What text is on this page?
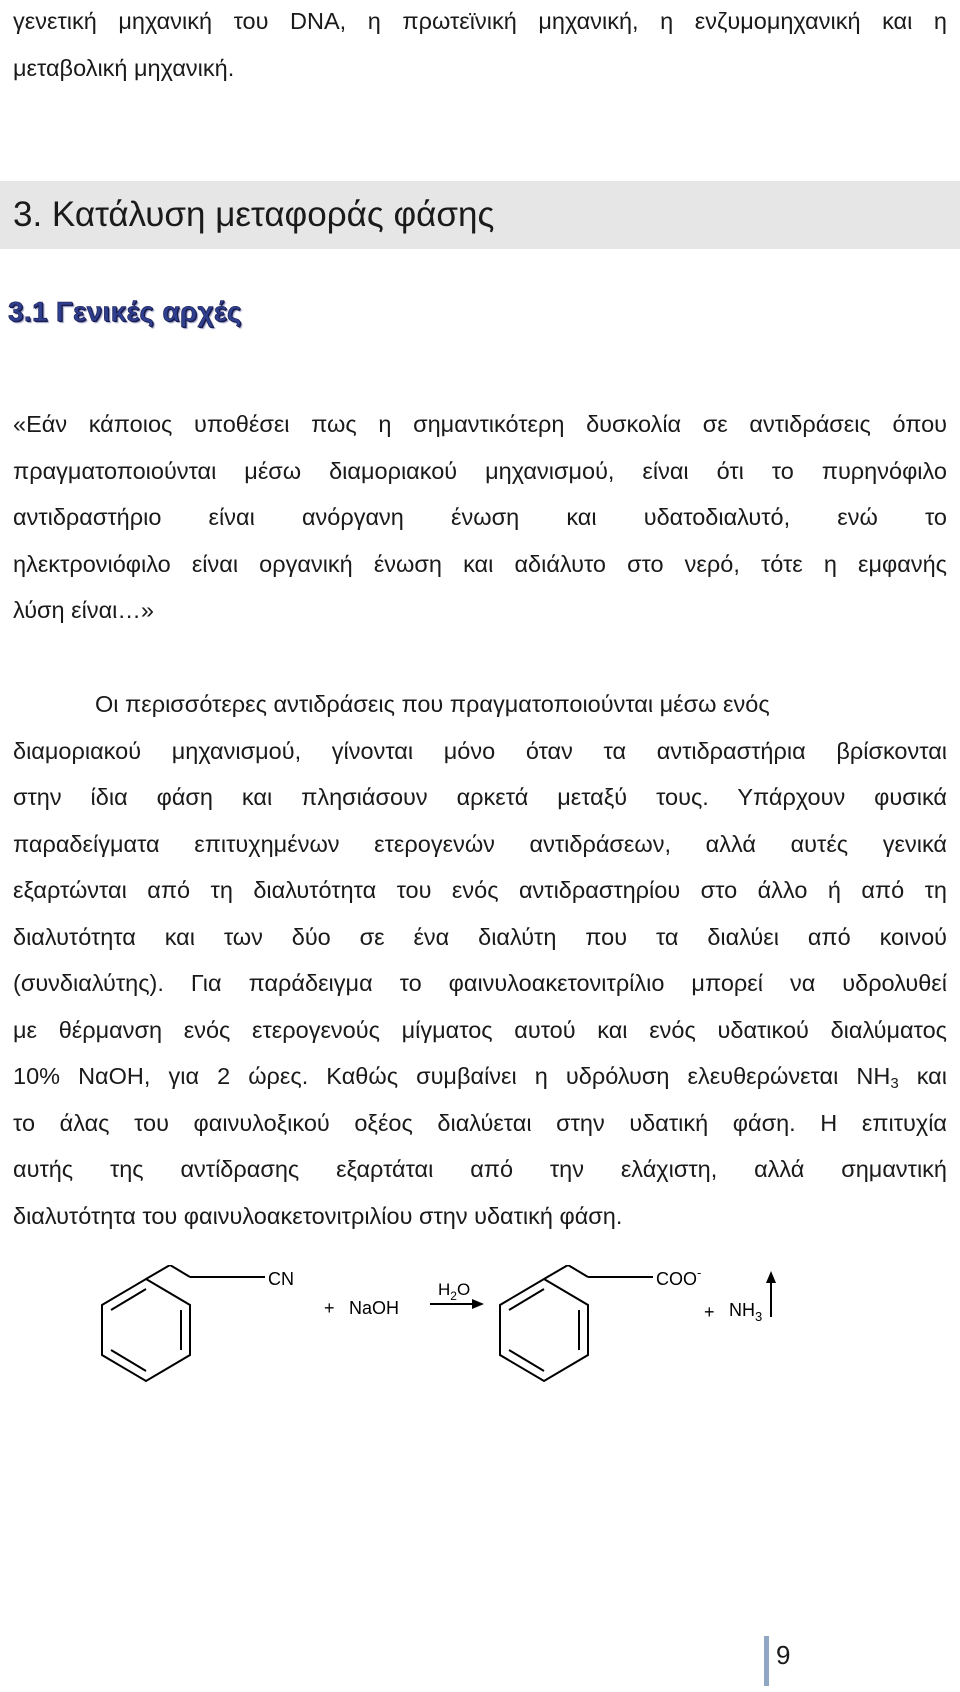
γενετική μηχανική του DNA, η πρωτεϊνική μηχανική, η ενζυμομηχανική και η
μεταβολική μηχανική.

3. Κατάλυση μεταφοράς φάσης
3.1 Γενικές αρχές

«Εάν κάποιος υποθέσει πως η σημαντικότερη δυσκολία σε αντιδράσεις όπου
πραγματοποιούνται μέσω διαμοριακού μηχανισμού, είναι ότι το πυρηνόφιλο
αντιδραστήριο είναι ανόργανη ένωση και υδατοδιαλυτό, ενώ το
ηλεκτρονιόφιλο είναι οργανική ένωση και αδιάλυτο στο νερό, τότε η εμφανής
λύση είναι…»

Οι περισσότερες αντιδράσεις που πραγματοποιούνται μέσω ενός
διαμοριακού μηχανισμού, γίνονται μόνο όταν τα αντιδραστήρια βρίσκονται
στην ίδια φάση και πλησιάσουν αρκετά μεταξύ τους. Υπάρχουν φυσικά
παραδείγματα επιτυχημένων ετερογενών αντιδράσεων, αλλά αυτές γενικά
εξαρτώνται από τη διαλυτότητα του ενός αντιδραστηρίου στο άλλο ή από τη
διαλυτότητα και των δύο σε ένα διαλύτη που τα διαλύει από κοινού
(συνδιαλύτης). Για παράδειγμα το φαινυλοακετονιτρίλιο μπορεί να υδρολυθεί
με θέρμανση ενός ετερογενούς μίγματος αυτού και ενός υδατικού διαλύματος
10% ΝαΟΗ, για 2 ώρες. Καθώς συμβαίνει η υδρόλυση ελευθερώνεται $NH_3$ και
το άλας του φαινυλοξικού οξέος διαλύεται στην υδατική φάση. Η επιτυχία
αυτής της αντίδρασης εξαρτάται από την ελάχιστη, αλλά σημαντική
διαλυτότητα του φαινυλοακετονιτριλίου στην υδατική φάση.

CN
+ NaOH
$H_2O$
COO-
+ $NH_3$
9
